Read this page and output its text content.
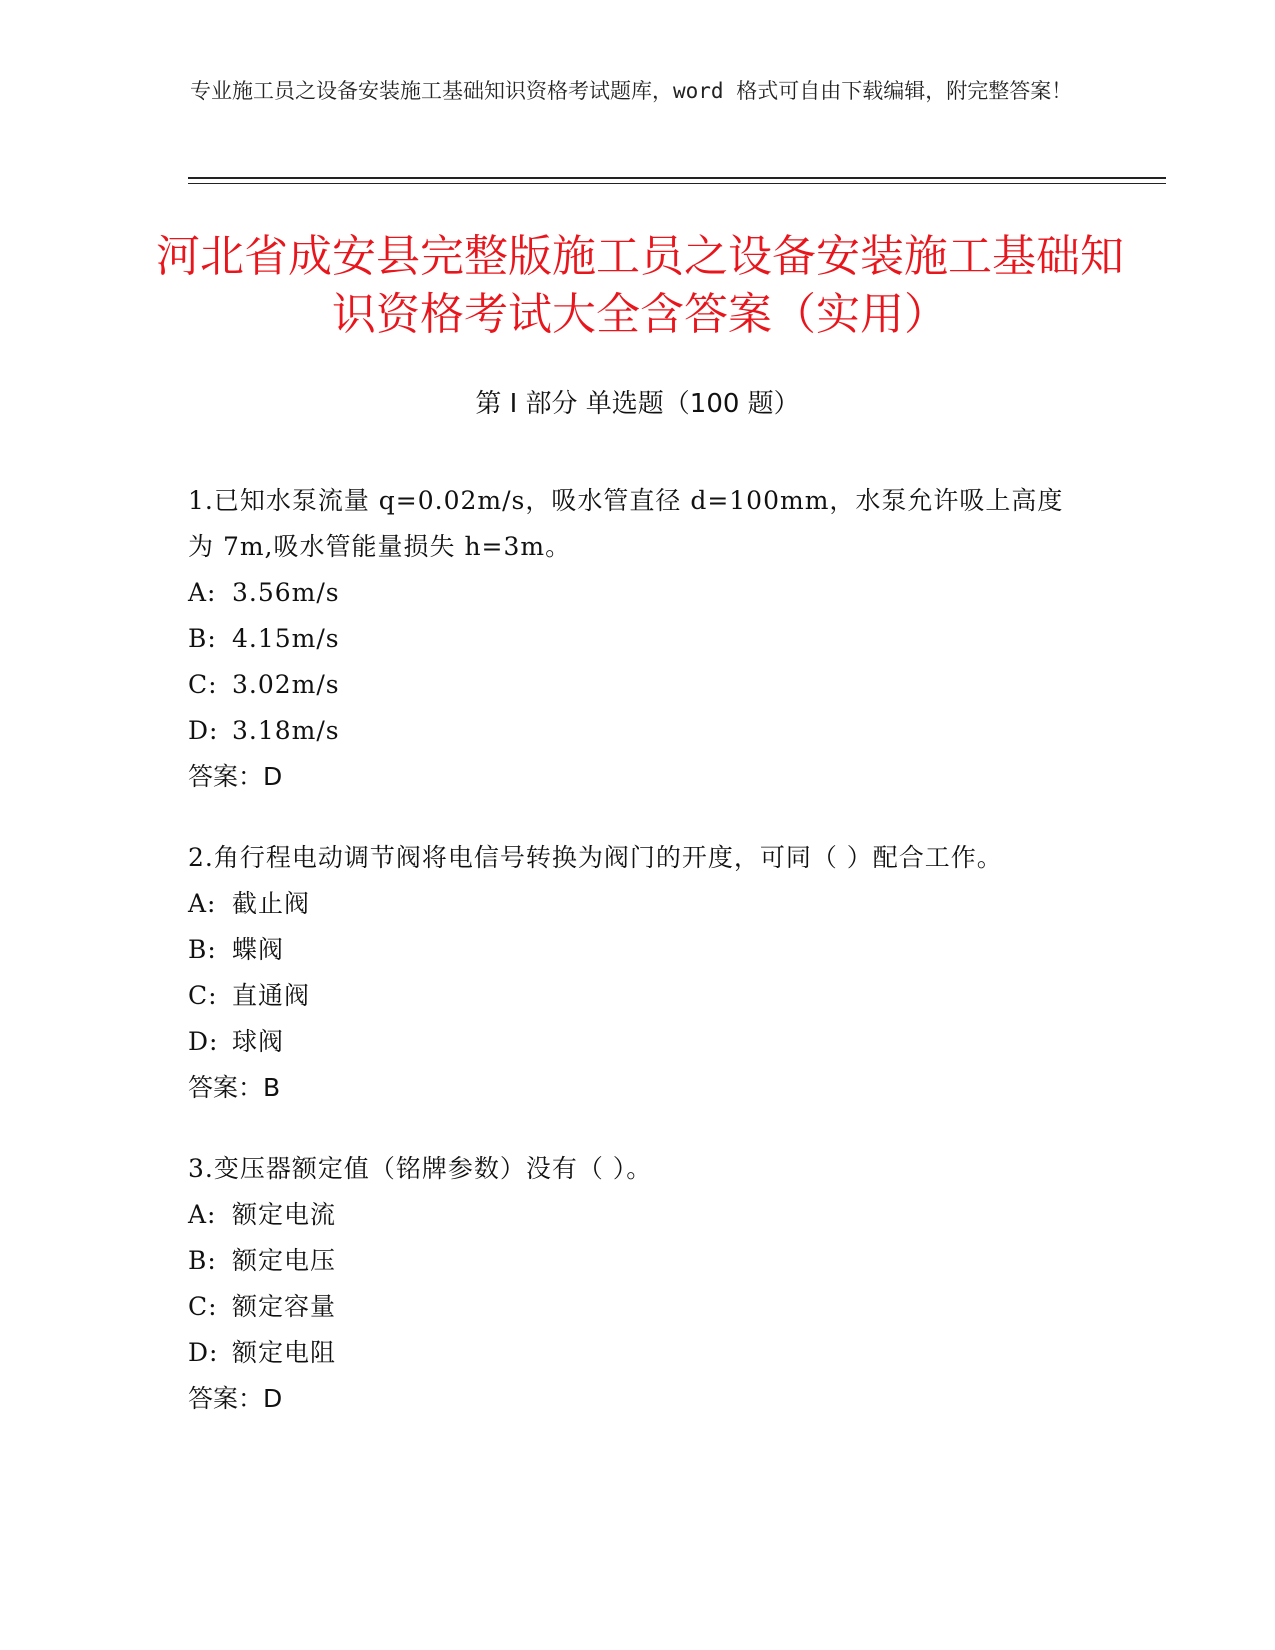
专业施工员之设备安装施工基础知识资格考试题库，word 格式可自由下载编辑，附完整答案！
河北省成安县完整版施工员之设备安装施工基础知识资格考试大全含答案（实用）
第 I 部分 单选题（100 题）
1.已知水泵流量 q=0.02m/s，吸水管直径 d=100mm，水泵允许吸上高度为 7m,吸水管能量损失 h=3m。
A: 3.56m/s
B: 4.15m/s
C: 3.02m/s
D: 3.18m/s
答案：D
2.角行程电动调节阀将电信号转换为阀门的开度，可同（ ）配合工作。
A: 截止阀
B: 蝶阀
C: 直通阀
D: 球阀
答案：B
3.变压器额定值（铭牌参数）没有（ ）。
A: 额定电流
B: 额定电压
C: 额定容量
D: 额定电阻
答案：D
